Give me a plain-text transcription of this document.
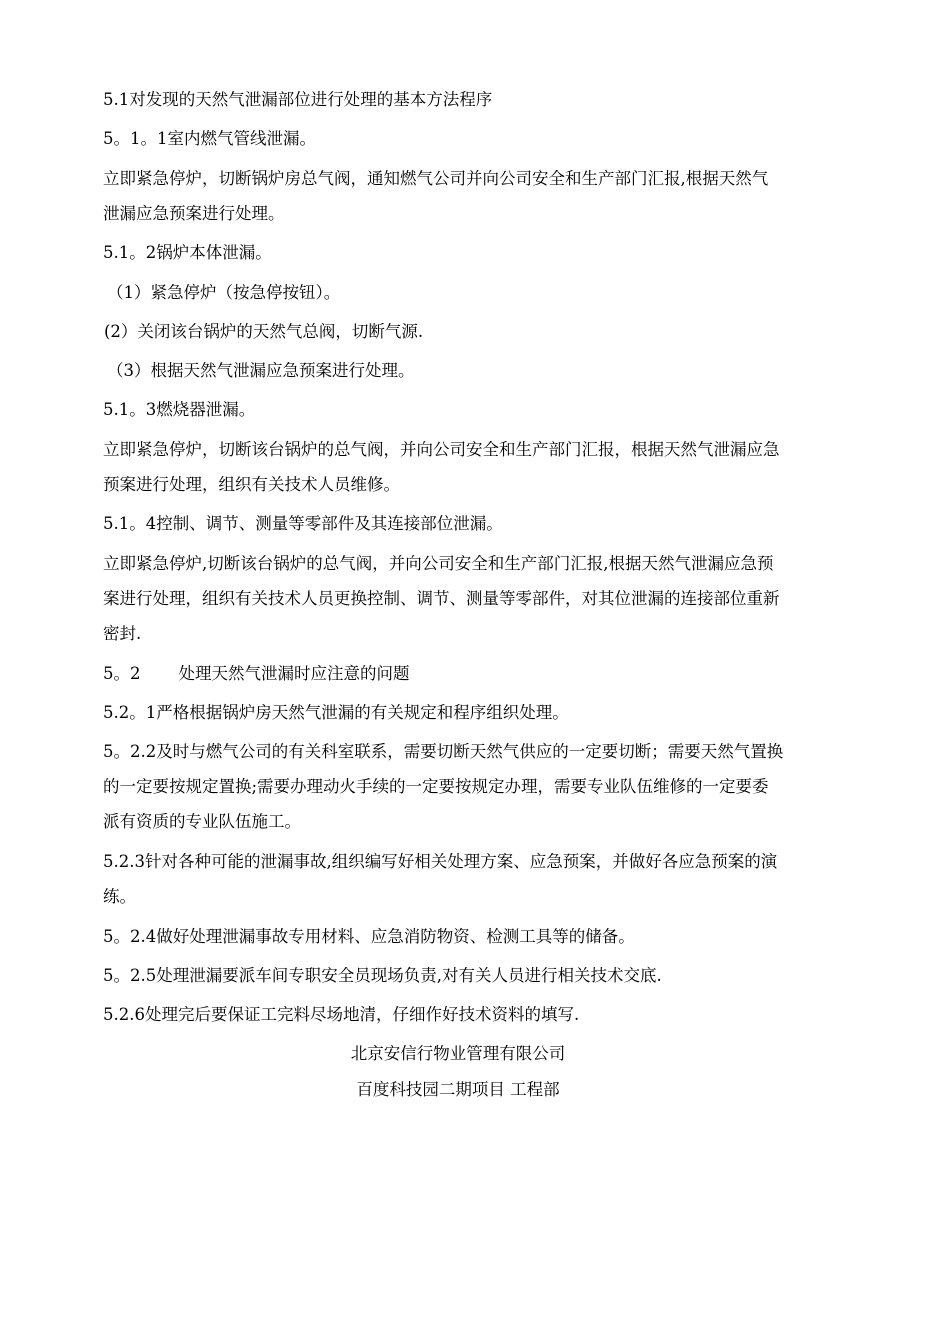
5.1对发现的天然气泄漏部位进行处理的基本方法程序

5。1。1室内燃气管线泄漏。

立即紧急停炉，切断锅炉房总气阀，通知燃气公司并向公司安全和生产部门汇报,根据天然气

泄漏应急预案进行处理。

5.1。2锅炉本体泄漏。

（1）紧急停炉（按急停按钮）。

(2）关闭该台锅炉的天然气总阀，切断气源.

（3）根据天然气泄漏应急预案进行处理。

5.1。3燃烧器泄漏。

立即紧急停炉，切断该台锅炉的总气阀，并向公司安全和生产部门汇报，根据天然气泄漏应急

预案进行处理，组织有关技术人员维修。

5.1。4控制、调节、测量等零部件及其连接部位泄漏。

立即紧急停炉,切断该台锅炉的总气阀，并向公司安全和生产部门汇报,根据天然气泄漏应急预

案进行处理，组织有关技术人员更换控制、调节、测量等零部件，对其位泄漏的连接部位重新

密封.

5。2 处理天然气泄漏时应注意的问题

5.2。1严格根据锅炉房天然气泄漏的有关规定和程序组织处理。

5。2.2及时与燃气公司的有关科室联系，需要切断天然气供应的一定要切断；需要天然气置换

的一定要按规定置换;需要办理动火手续的一定要按规定办理，需要专业队伍维修的一定要委

派有资质的专业队伍施工。

5.2.3针对各种可能的泄漏事故,组织编写好相关处理方案、应急预案，并做好各应急预案的演

练。

5。2.4做好处理泄漏事故专用材料、应急消防物资、检测工具等的储备。

5。2.5处理泄漏要派车间专职安全员现场负责,对有关人员进行相关技术交底.

5.2.6处理完后要保证工完料尽场地清，仔细作好技术资料的填写.

北京安信行物业管理有限公司

百度科技园二期项目 工程部
